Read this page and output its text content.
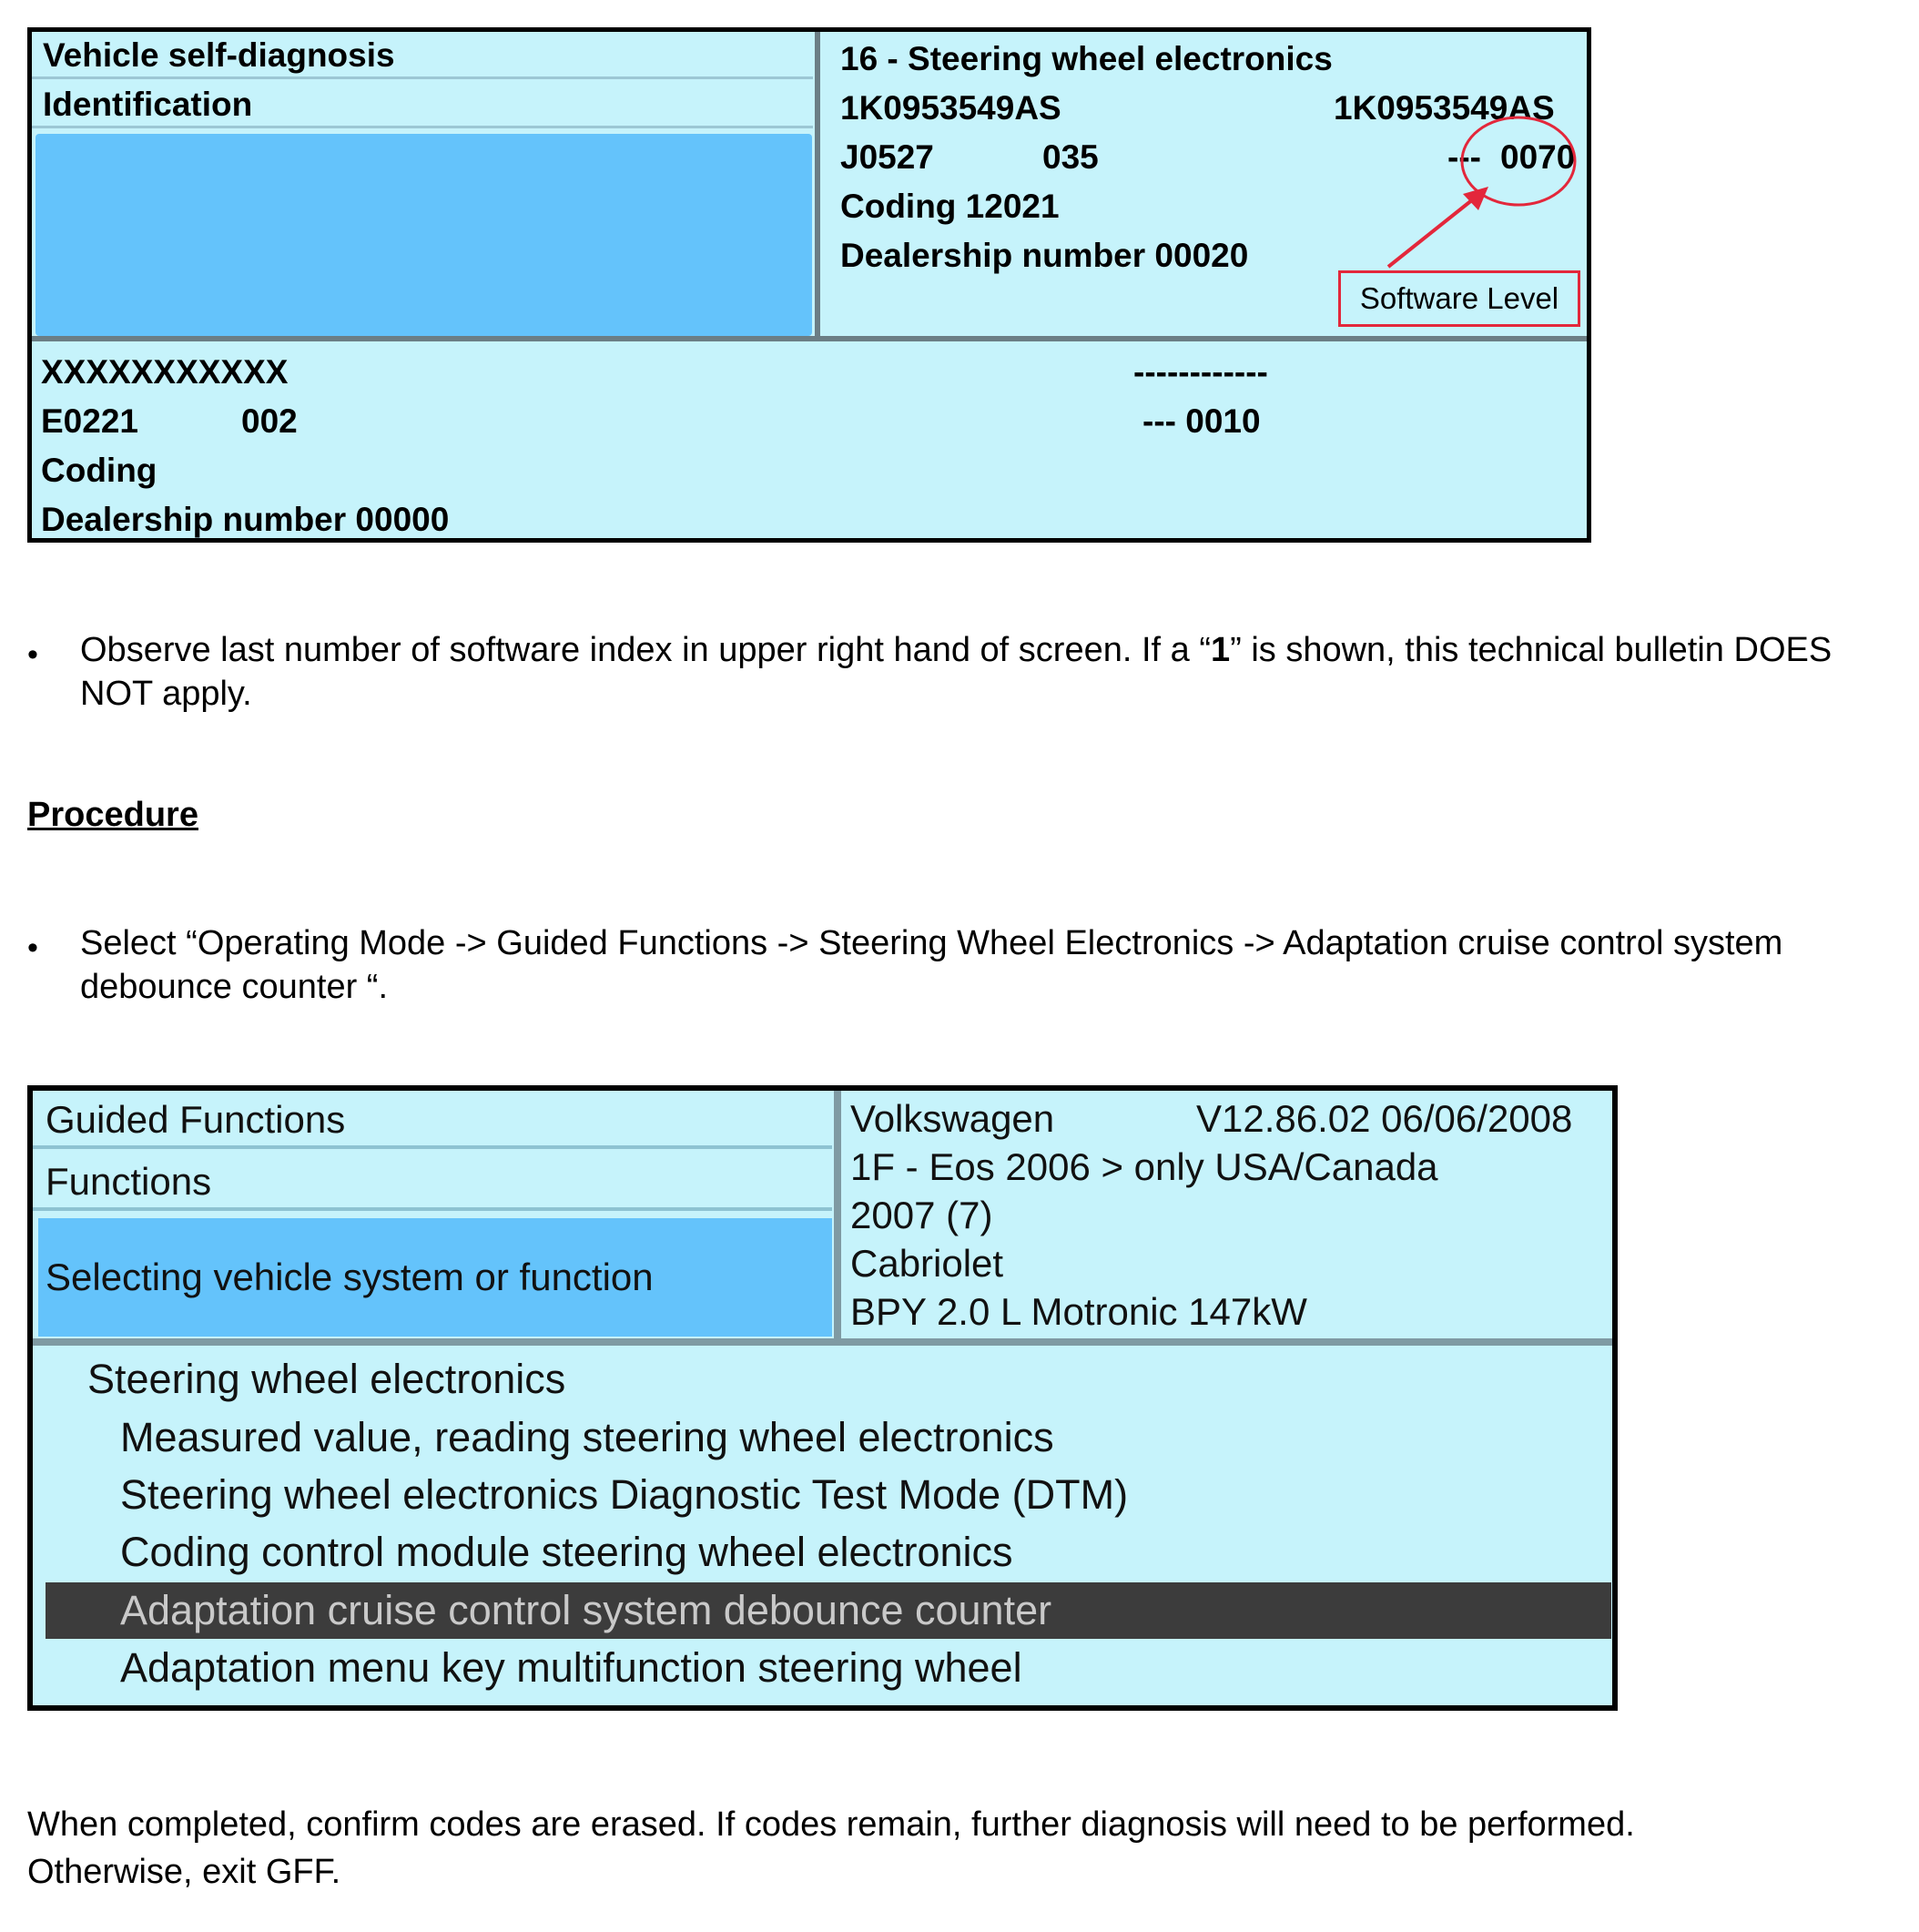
Vehicle self-diagnosis
Identification
16 - Steering wheel electronics
1K0953549AS	1K0953549AS
J0527	035	--- 0070
Coding 12021
Dealership number 00020
Software Level
XXXXXXXXXXX	------------
E0221	002	--- 0010
Coding
Dealership number 00000
• Observe last number of software index in upper right hand of screen. If a “1” is shown, this technical bulletin DOES NOT apply.
Procedure
• Select “Operating Mode -> Guided Functions -> Steering Wheel Electronics -> Adaptation cruise control system debounce counter “.
Guided Functions
Functions
Selecting vehicle system or function
Volkswagen	V12.86.02 06/06/2008
1F - Eos 2006 > only USA/Canada
2007 (7)
Cabriolet
BPY 2.0 L Motronic 147kW
Steering wheel electronics
Measured value, reading steering wheel electronics
Steering wheel electronics Diagnostic Test Mode (DTM)
Coding control module steering wheel electronics
Adaptation cruise control system debounce counter
Adaptation menu key multifunction steering wheel
When completed, confirm codes are erased. If codes remain, further diagnosis will need to be performed.
Otherwise, exit GFF.
